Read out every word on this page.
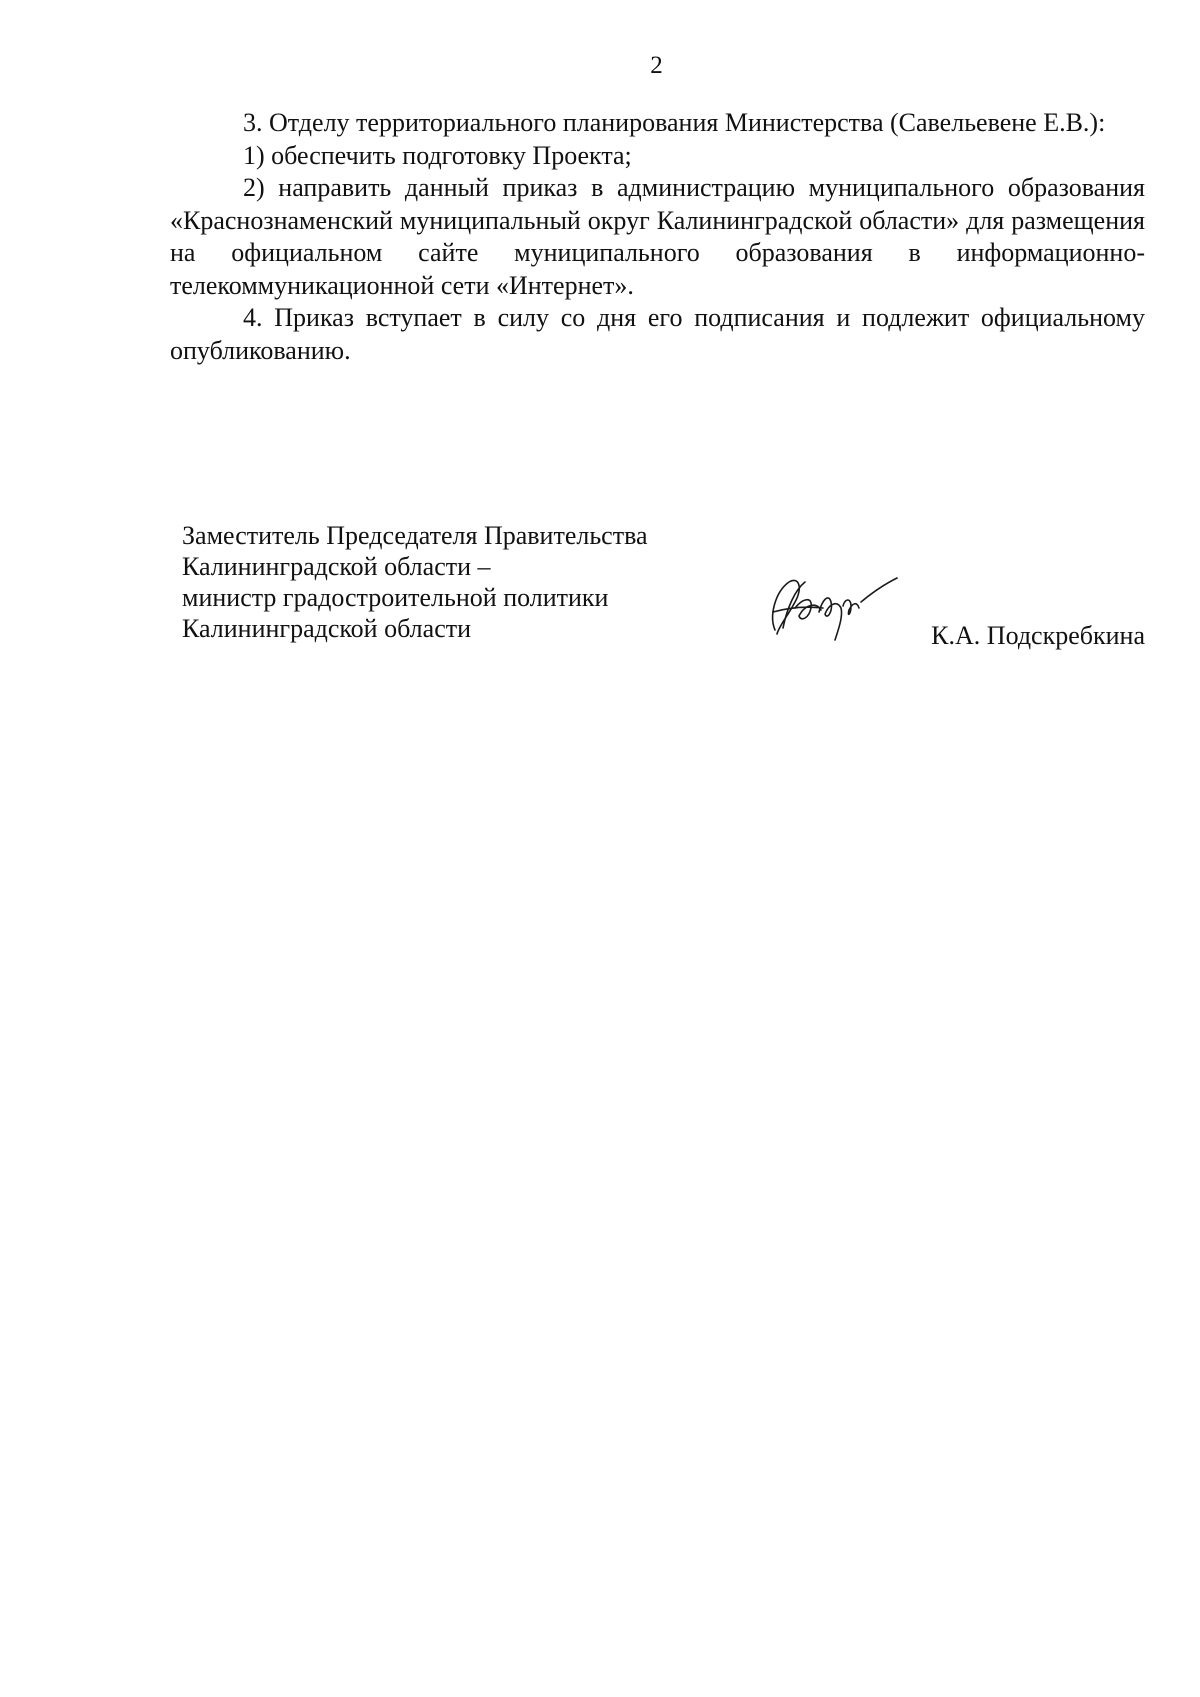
2

3. Отделу территориального планирования Министерства (Савельевене Е.В.):

1) обеспечить подготовку Проекта;

2) направить данный приказ в администрацию муниципального образования «Краснознаменский муниципальный округ Калининградской области» для размещения на официальном сайте муниципального образования в информационно-телекоммуникационной сети «Интернет».

4. Приказ вступает в силу со дня его подписания и подлежит официальному опубликованию.

Заместитель Председателя Правительства
Калининградской области –
министр градостроительной политики
Калининградской области	К.А. Подскребкина
